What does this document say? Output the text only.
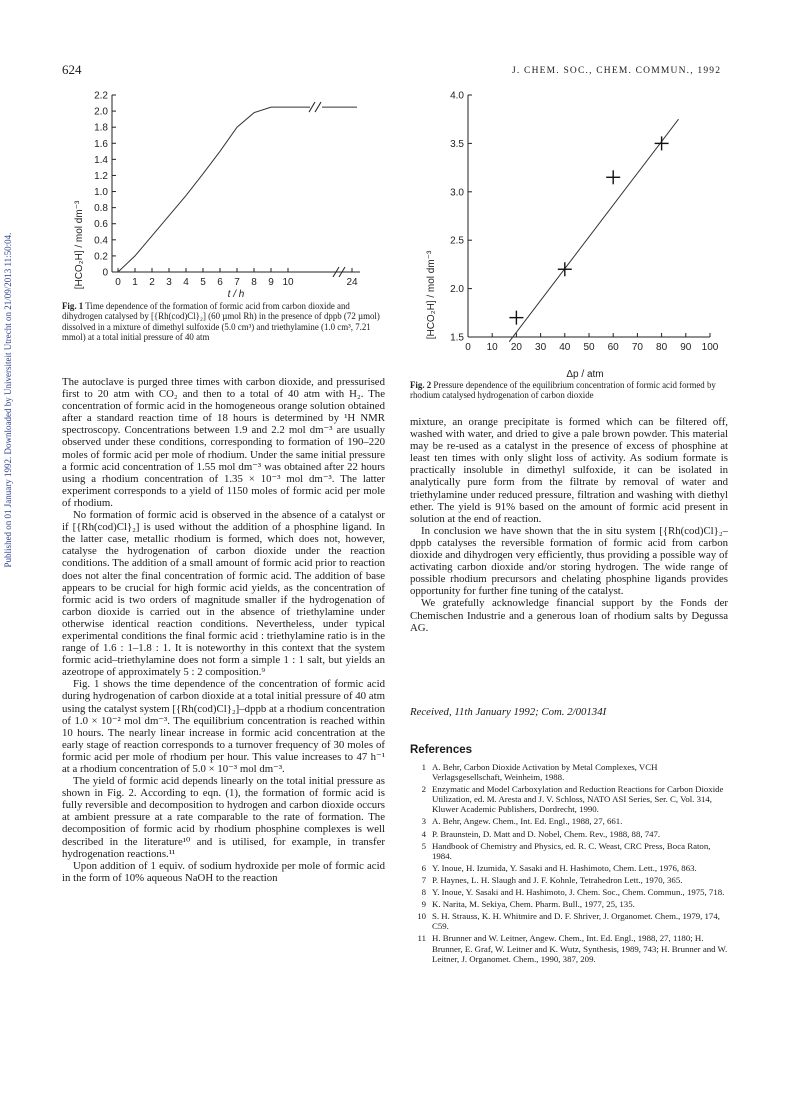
624	J. CHEM. SOC., CHEM. COMMUN., 1992
Published on 01 January 1992. Downloaded by Universiteit Utrecht on 21/09/2013 11:50:04.	0
0.2
0.4
0.6
0.8
1.0
1.2
1.4
1.6
1.8
2.0
2.2
0 1 2 3 4 5 6 7 8 9 10	24
[HCO₂H] / mol dm⁻³
t / h
Fig. 1 Time dependence of the formation of formic acid from carbon dioxide and dihydrogen catalysed by [{Rh(cod)Cl}₂] (60 µmol Rh) in the presence of dppb (72 µmol) dissolved in a mixture of dimethyl sulfoxide (5.0 cm³) and triethylamine (1.0 cm³, 7.21 mmol) at a total initial pressure of 40 atm	1.5
2.0
2.5
3.0
3.5
4.0
0 10 20 30 40 50 60 70 80 90 100
[HCO₂H] / mol dm⁻³
Δp / atm
Fig. 2 Pressure dependence of the equilibrium concentration of formic acid formed by rhodium catalysed hydrogenation of carbon dioxide

The autoclave is purged three times with carbon dioxide, and pressurised first to 20 atm with CO₂ and then to a total of 40 atm with H₂. The concentration of formic acid in the homogeneous orange solution obtained after a standard reaction time of 18 hours is determined by ¹H NMR spectroscopy. Concentrations between 1.9 and 2.2 mol dm⁻³ are usually observed under these conditions, corresponding to formation of 190–220 moles of formic acid per mole of rhodium. Under the same initial pressure a formic acid concentration of 1.55 mol dm⁻³ was obtained after 22 hours using a rhodium concentration of 1.35 × 10⁻³ mol dm⁻³. The latter experiment corresponds to a yield of 1150 moles of formic acid per mole of rhodium.

No formation of formic acid is observed in the absence of a catalyst or if [{Rh(cod)Cl}₂] is used without the addition of a phosphine ligand. In the latter case, metallic rhodium is formed, which does not, however, catalyse the hydrogenation of carbon dioxide under the reaction conditions. The addition of a small amount of formic acid prior to reaction does not alter the final concentration of formic acid. The addition of base appears to be crucial for high formic acid yields, as the concentration of formic acid is two orders of magnitude smaller if the hydrogenation of carbon dioxide is carried out in the absence of triethylamine under otherwise identical reaction conditions. Nevertheless, under typical experimental conditions the final formic acid : triethylamine ratio is in the range of 1.6 : 1–1.8 : 1. It is noteworthy in this context that the system formic acid–triethylamine does not form a simple 1 : 1 salt, but yields an azeotrope of approximately 5 : 2 composition.⁹

Fig. 1 shows the time dependence of the concentration of formic acid during hydrogenation of carbon dioxide at a total initial pressure of 40 atm using the catalyst system [{Rh(cod)Cl}₂]–dppb at a rhodium concentration of 1.0 × 10⁻² mol dm⁻³. The equilibrium concentration is reached within 10 hours. The nearly linear increase in formic acid concentration at the early stage of reaction corresponds to a turnover frequency of 30 moles of formic acid per mole of rhodium per hour. This value increases to 47 h⁻¹ at a rhodium concentration of 5.0 × 10⁻³ mol dm⁻³.

The yield of formic acid depends linearly on the total initial pressure as shown in Fig. 2. According to eqn. (1), the formation of formic acid is fully reversible and decomposition to hydrogen and carbon dioxide occurs at ambient pressure at a rate comparable to the rate of formation. The decomposition of formic acid by rhodium phosphine complexes is well described in the literature¹⁰ and is utilised, for example, in transfer hydrogenation reactions.¹¹

Upon addition of 1 equiv. of sodium hydroxide per mole of formic acid in the form of 10% aqueous NaOH to the reaction

mixture, an orange precipitate is formed which can be filtered off, washed with water, and dried to give a pale brown powder. This material may be re-used as a catalyst in the presence of excess of phosphine at least ten times with only slight loss of activity. As sodium formate is practically insoluble in dimethyl sulfoxide, it can be isolated in analytically pure form from the filtrate by removal of water and triethylamine under reduced pressure, filtration and washing with diethyl ether. The yield is 91% based on the amount of formic acid present in solution at the end of reaction.

In conclusion we have shown that the in situ system [{Rh(cod)Cl}₂–dppb catalyses the reversible formation of formic acid from carbon dioxide and dihydrogen very efficiently, thus providing a possible way of activating carbon dioxide and/or storing hydrogen. The wide range of possible rhodium precursors and chelating phosphine ligands provides opportunity for further fine tuning of the catalyst.

We gratefully acknowledge financial support by the Fonds der Chemischen Industrie and a generous loan of rhodium salts by Degussa AG.

Received, 11th January 1992; Com. 2/00134I
References
1 A. Behr, Carbon Dioxide Activation by Metal Complexes, VCH Verlagsgesellschaft, Weinheim, 1988.
2 Enzymatic and Model Carboxylation and Reduction Reactions for Carbon Dioxide Utilization, ed. M. Aresta and J. V. Schloss, NATO ASI Series, Ser. C, Vol. 314, Kluwer Academic Publishers, Dordrecht, 1990.
3 A. Behr, Angew. Chem., Int. Ed. Engl., 1988, 27, 661.
4 P. Braunstein, D. Matt and D. Nobel, Chem. Rev., 1988, 88, 747.
5 Handbook of Chemistry and Physics, ed. R. C. Weast, CRC Press, Boca Raton, 1984.
6 Y. Inoue, H. Izumida, Y. Sasaki and H. Hashimoto, Chem. Lett., 1976, 863.
7 P. Haynes, L. H. Slaugh and J. F. Kohnle, Tetrahedron Lett., 1970, 365.
8 Y. Inoue, Y. Sasaki and H. Hashimoto, J. Chem. Soc., Chem. Commun., 1975, 718.
9 K. Narita, M. Sekiya, Chem. Pharm. Bull., 1977, 25, 135.
10 S. H. Strauss, K. H. Whitmire and D. F. Shriver, J. Organomet. Chem., 1979, 174, C59.
11 H. Brunner and W. Leitner, Angew. Chem., Int. Ed. Engl., 1988, 27, 1180; H. Brunner, E. Graf, W. Leitner and K. Wutz, Synthesis, 1989, 743; H. Brunner and W. Leitner, J. Organomet. Chem., 1990, 387, 209.
